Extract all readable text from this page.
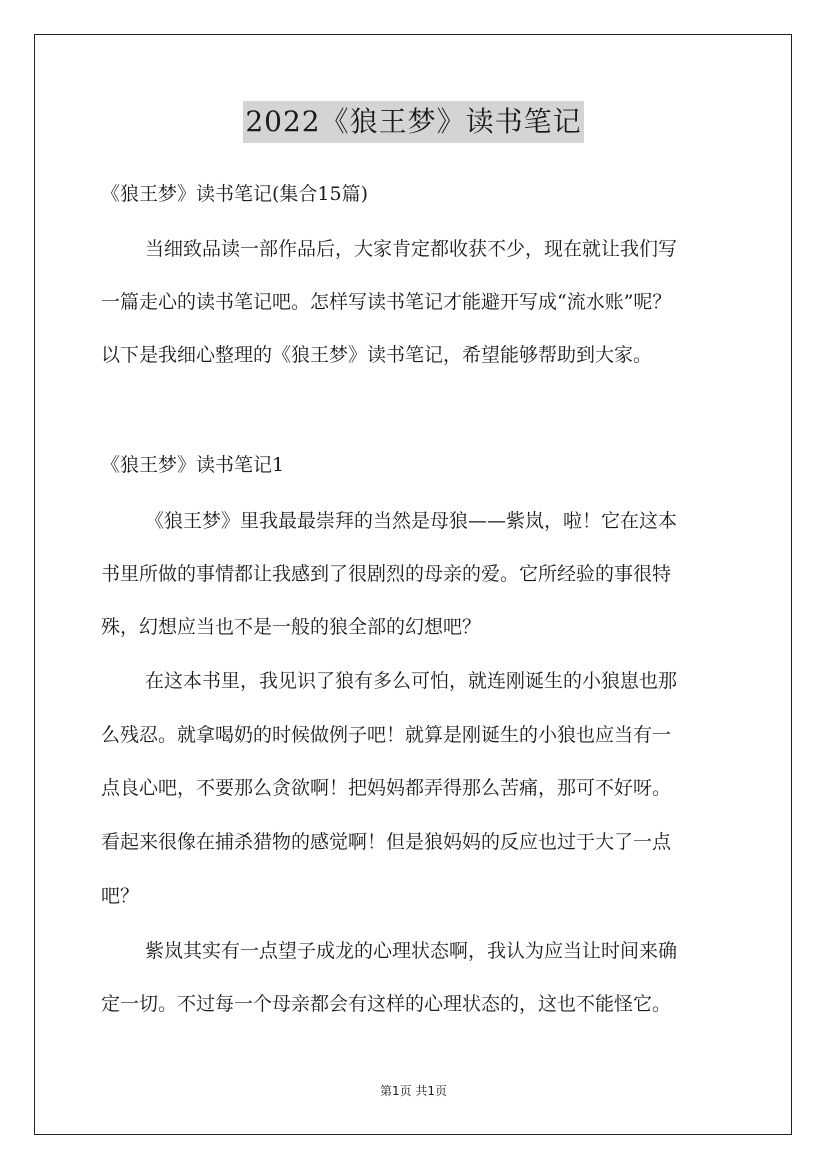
2022《狼王梦》读书笔记

《狼王梦》读书笔记(集合15篇)

当细致品读一部作品后，大家肯定都收获不少，现在就让我们写

一篇走心的读书笔记吧。怎样写读书笔记才能避开写成“流水账”呢？

以下是我细心整理的《狼王梦》读书笔记，希望能够帮助到大家。

《狼王梦》读书笔记1

《狼王梦》里我最最崇拜的当然是母狼——紫岚，啦！它在这本

书里所做的事情都让我感到了很剧烈的母亲的爱。它所经验的事很特

殊，幻想应当也不是一般的狼全部的幻想吧？

在这本书里，我见识了狼有多么可怕，就连刚诞生的小狼崽也那

么残忍。就拿喝奶的时候做例子吧！就算是刚诞生的小狼也应当有一

点良心吧，不要那么贪欲啊！把妈妈都弄得那么苦痛，那可不好呀。

看起来很像在捕杀猎物的感觉啊！但是狼妈妈的反应也过于大了一点

吧？

紫岚其实有一点望子成龙的心理状态啊，我认为应当让时间来确

定一切。不过每一个母亲都会有这样的心理状态的，这也不能怪它。

第1页 共1页
